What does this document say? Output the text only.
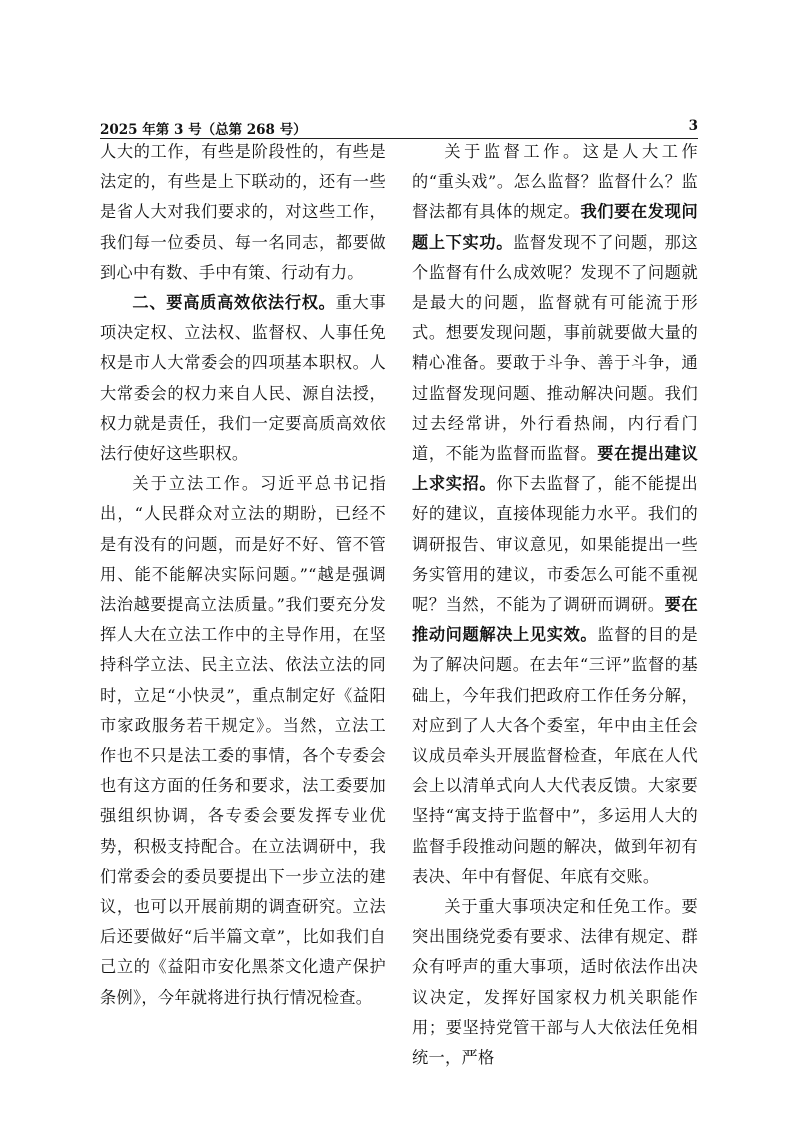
2025 年第 3 号（总第 268 号）	3

人大的工作，有些是阶段性的，有些是法定的，有些是上下联动的，还有一些是省人大对我们要求的，对这些工作，我们每一位委员、每一名同志，都要做到心中有数、手中有策、行动有力。

二、要高质高效依法行权。重大事项决定权、立法权、监督权、人事任免权是市人大常委会的四项基本职权。人大常委会的权力来自人民、源自法授，权力就是责任，我们一定要高质高效依法行使好这些职权。

关于立法工作。习近平总书记指出，“人民群众对立法的期盼，已经不是有没有的问题，而是好不好、管不管用、能不能解决实际问题。”“越是强调法治越要提高立法质量。”我们要充分发挥人大在立法工作中的主导作用，在坚持科学立法、民主立法、依法立法的同时，立足“小快灵”，重点制定好《益阳市家政服务若干规定》。当然，立法工作也不只是法工委的事情，各个专委会也有这方面的任务和要求，法工委要加强组织协调，各专委会要发挥专业优势，积极支持配合。在立法调研中，我们常委会的委员要提出下一步立法的建议，也可以开展前期的调查研究。立法后还要做好“后半篇文章”，比如我们自己立的《益阳市安化黑茶文化遗产保护条例》，今年就将进行执行情况检查。

关于监督工作。这是人大工作的“重头戏”。怎么监督？监督什么？监督法都有具体的规定。我们要在发现问题上下实功。监督发现不了问题，那这个监督有什么成效呢？发现不了问题就是最大的问题，监督就有可能流于形式。想要发现问题，事前就要做大量的精心准备。要敢于斗争、善于斗争，通过监督发现问题、推动解决问题。我们过去经常讲，外行看热闹，内行看门道，不能为监督而监督。要在提出建议上求实招。你下去监督了，能不能提出好的建议，直接体现能力水平。我们的调研报告、审议意见，如果能提出一些务实管用的建议，市委怎么可能不重视呢？当然，不能为了调研而调研。要在推动问题解决上见实效。监督的目的是为了解决问题。在去年“三评”监督的基础上，今年我们把政府工作任务分解，对应到了人大各个委室，年中由主任会议成员牵头开展监督检查，年底在人代会上以清单式向人大代表反馈。大家要坚持“寓支持于监督中”，多运用人大的监督手段推动问题的解决，做到年初有表决、年中有督促、年底有交账。

关于重大事项决定和任免工作。要突出围绕党委有要求、法律有规定、群众有呼声的重大事项，适时依法作出决议决定，发挥好国家权力机关职能作用；要坚持党管干部与人大依法任免相统一，严格
